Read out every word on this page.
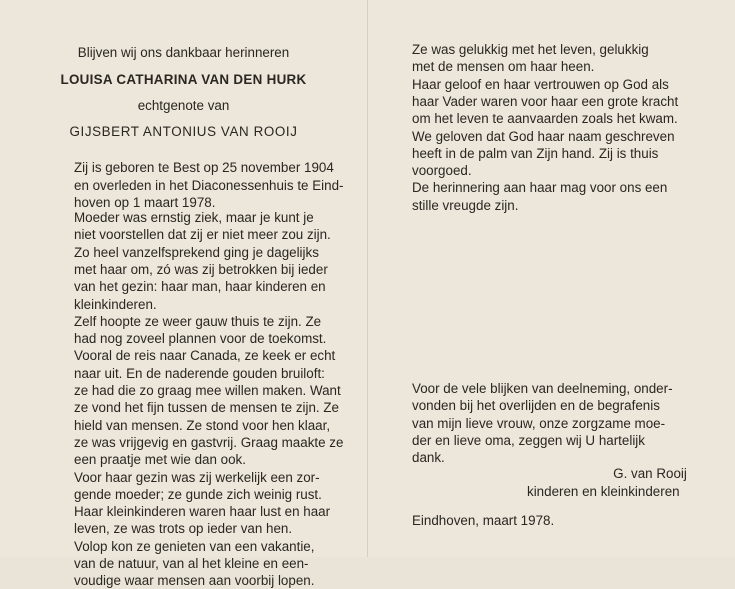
Blijven wij ons dankbaar herinneren
LOUISA CATHARINA VAN DEN HURK
echtgenote van
GIJSBERT ANTONIUS VAN ROOIJ
Zij is geboren te Best op 25 november 1904
en overleden in het Diaconessenhuis te Eind-
hoven op 1 maart 1978.
Moeder was ernstig ziek, maar je kunt je
niet voorstellen dat zij er niet meer zou zijn.
Zo heel vanzelfsprekend ging je dagelijks
met haar om, zó was zij betrokken bij ieder
van het gezin: haar man, haar kinderen en
kleinkinderen.
Zelf hoopte ze weer gauw thuis te zijn. Ze
had nog zoveel plannen voor de toekomst.
Vooral de reis naar Canada, ze keek er echt
naar uit. En de naderende gouden bruiloft:
ze had die zo graag mee willen maken. Want
ze vond het fijn tussen de mensen te zijn. Ze
hield van mensen. Ze stond voor hen klaar,
ze was vrijgevig en gastvrij. Graag maakte ze
een praatje met wie dan ook.
Voor haar gezin was zij werkelijk een zor-
gende moeder; ze gunde zich weinig rust.
Haar kleinkinderen waren haar lust en haar
leven, ze was trots op ieder van hen.
Volop kon ze genieten van een vakantie,
van de natuur, van al het kleine en een-
voudige waar mensen aan voorbij lopen.
Ze was gelukkig met het leven, gelukkig
met de mensen om haar heen.
Haar geloof en haar vertrouwen op God als
haar Vader waren voor haar een grote kracht
om het leven te aanvaarden zoals het kwam.
We geloven dat God haar naam geschreven
heeft in de palm van Zijn hand. Zij is thuis
voorgoed.
De herinnering aan haar mag voor ons een
stille vreugde zijn.
Voor de vele blijken van deelneming, onder-
vonden bij het overlijden en de begrafenis
van mijn lieve vrouw, onze zorgzame moe-
der en lieve oma, zeggen wij U hartelijk
dank.
G. van Rooij
kinderen en kleinkinderen
Eindhoven, maart 1978.
